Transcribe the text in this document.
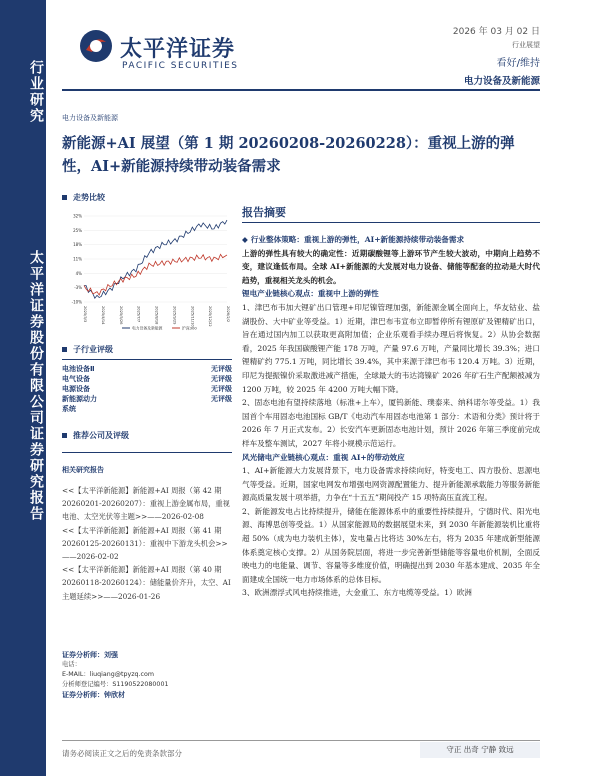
行业研究
太平洋证券股份有限公司证券研究报告
太平洋证券
PACIFIC SECURITIES
2026 年 03 月 02 日
行业展望
看好/维持
电力设备及新能源
电力设备及新能源
新能源+AI 展望（第 1 期 20260208-20260228）：重视上游的弹性，AI+新能源持续带动装备需求
走势比较
32%
25%
18%
11%
4%
-3%
-10%
2025/3/3	2025/4/14	2025/5/26	2025/7/7	2025/8/18	2025/9/29	2025/11/10	2025/12/22	2026/2/2
电力设备及新能源	沪深300
子行业评级
电池设备Ⅱ	无评级
电气设备	无评级
电源设备	无评级
新能源动力	无评级
系统
推荐公司及评级
相关研究报告
<<【太平洋新能源】新能源+AI 周报（第 42 期 20260201-20260207）：重视上游金属布局，重视电池、太空光伏等主题>>——2026-02-08
<<【太平洋新能源】新能源+AI 周报（第 41 期 20260125-20260131）：重视中下游龙头机会>>——2026-02-02
<<【太平洋新能源】新能源+AI 周报（第 40 期 20260118-20260124）：储能量价齐升，太空、AI 主题延续>>——2026-01-26
证券分析师：刘强
电话：
E-MAIL：liuqiang@tpyzq.com
分析师登记编号：S1190522080001
证券分析师：钟欣材
报告摘要
◆ 行业整体策略：重视上游的弹性，AI+新能源持续带动装备需求
上游的弹性具有较大的确定性：近期碳酸锂等上游环节产生较大波动，中期向上趋势不变，建议逢低布局。全球 AI+新能源的大发展对电力设备、储能等配套的拉动是大时代趋势，重视相关龙头的机会。
锂电产业链核心观点：重视中上游的弹性
1、津巴布韦加大锂矿出口管理+印尼镍管理加强，新能源金属全面向上，华友钴业、盐湖股份、大中矿业等受益。1）近期，津巴布韦宣布立即暂停所有锂原矿及锂精矿出口，旨在通过国内加工以获取更高附加值；企业乐观看手续办理后将恢复。2）从协会数据看，2025 年我国碳酸锂产能 178 万吨，产量 97.6 万吨，产量同比增长 39.3%；进口锂精矿约 775.1 万吨，同比增长 39.4%，其中来源于津巴布韦 120.4 万吨。3）近期，印尼为提振镍价采取激进减产措施，全球最大的韦达湾镍矿 2026 年矿石生产配额被减为 1200 万吨，较 2025 年 4200 万吨大幅下降。
2、固态电池有望持续落地（标准+上车），厦钨新能、璞泰来、纳科诺尔等受益。1）我国首个车用固态电池国标 GB/T《电动汽车用固态电池第 1 部分：术语和分类》预计将于 2026 年 7 月正式发布。2）长安汽车更新固态电池计划，预计 2026 年第三季度前完成样车及整车测试，2027 年将小规模示范运行。
风光储电产业链核心观点：重视 AI+的带动效应
1、AI+新能源大力发展背景下，电力设备需求持续向好，特变电工、四方股份、思源电气等受益。近期，国家电网发布增强电网资源配置能力、提升新能源承载能力等服务新能源高质量发展十项举措，力争在“十五五”期间投产 15 项特高压直流工程。
2、新能源发电占比持续提升，储能在能源体系中的重要性持续提升，宁德时代、阳光电源、海博思创等受益。1）从国家能源局的数据展望未来，到 2030 年新能源装机比重将超 50%（成为电力装机主体），发电量占比将达 30%左右，将为 2035 年建成新型能源体系奠定核心支撑。2）从国务院层面，将进一步完善新型储能等容量电价机制，全面反映电力的电能量、调节、容量等多维度价值，明确提出到 2030 年基本建成、2035 年全面建成全国统一电力市场体系的总体目标。
3、欧洲漂浮式风电持续推进，大金重工、东方电缆等受益。1）欧洲
请务必阅读正文之后的免责条款部分	守正 出奇 宁静 致远
